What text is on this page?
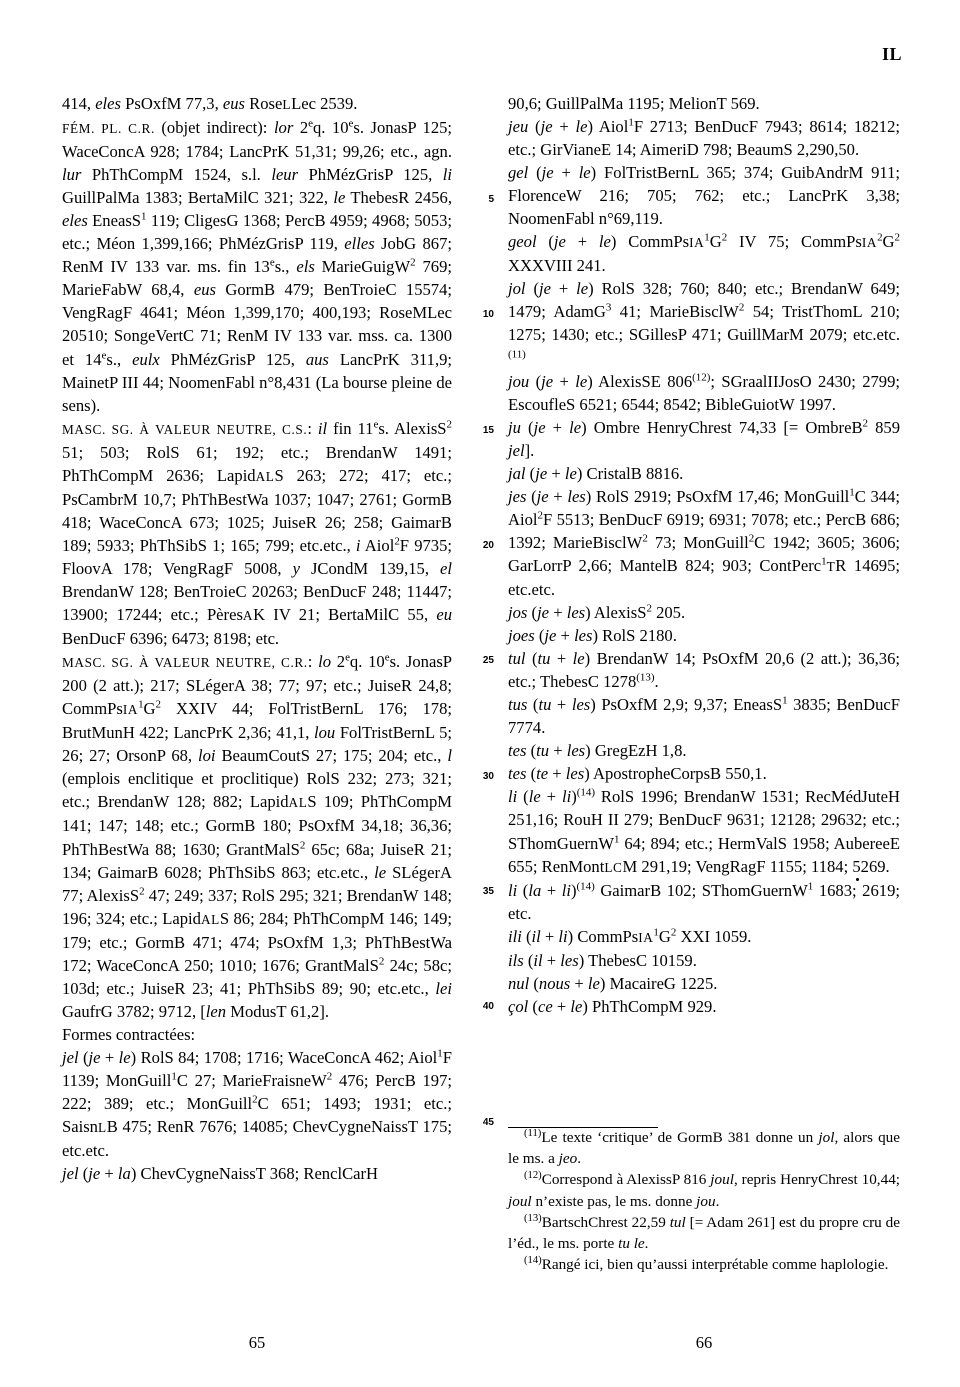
IL
414, eles PsOxfM 77,3, eus RoseLLec 2539.
FÉM. PL. C.R. (objet indirect): lor 2eq. 10es. JonasP 125; WaceConcA 928; 1784; LancPrK 51,31; 99,26; etc., agn. lur PhThCompM 1524, s.l. leur PhMézGrisP 125, li GuillPalMa 1383; BertaMilC 321; 322, le ThebesR 2456, eles EneasS$^1$ 119; CligesG 1368; PercB 4959; 4968; 5053; etc.; Méon 1,399,166; PhMézGrisP 119, elles JobG 867; RenM IV 133 var. ms. fin 13es., els MarieGuigW$^2$ 769; MarieFabW 68,4, eus GormB 479; BenTroieC 15574; VengRagF 4641; Méon 1,399,170; 400,193; RoseMLec 20510; SongeVertC 71; RenM IV 133 var. mss. ca. 1300 et 14es., eulx PhMézGrisP 125, aus LancPrK 311,9; MainetP III 44; NoomenFabl n°8,431 (La bourse pleine de sens).
MASC. SG. À VALEUR NEUTRE, C.S.: il fin 11es. AlexisS$^2$ 51; 503; RolS 61; 192; etc.; BrendanW 1491; PhThCompM 2636; LapidALS 263; 272; 417; etc.; PsCambrM 10,7; PhThBestWa 1037; 1047; 2761; GormB 418; WaceConcA 673; 1025; JuiseR 26; 258; GaimarB 189; 5933; PhThSibS 1; 165; 799; etc.etc., i Aiol$^2$F 9735; FloovA 178; VengRagF 5008, y JCondM 139,15, el BrendanW 128; BenTroieC 20263; BenDucF 248; 11447; 13900; 17244; etc.; PèresAK IV 21; BertaMilC 55, eu BenDucF 6396; 6473; 8198; etc.
MASC. SG. À VALEUR NEUTRE, C.R.: lo 2eq. 10es. JonasP 200 (2 att.); 217; SLégerA 38; 77; 97; etc.; JuiseR 24,8; $CommPsIA^1G^2$ XXIV 44; FolTristBernL 176; 178; BrutMunH 422; LancPrK 2,36; 41,1, lou FolTristBernL 5; 26; 27; OrsonP 68, loi BeaumCoutS 27; 175; 204; etc., l (emplois enclitique et proclitique) RolS 232; 273; 321; etc.; BrendanW 128; 882; LapidALS 109; PhThCompM 141; 147; 148; etc.; GormB 180; PsOxfM 34,18; 36,36; PhThBestWa 88; 1630; GrantMalS$^2$ 65c; 68a; JuiseR 21; 134; GaimarB 6028; PhThSibS 863; etc.etc., le SLégerA 77; AlexisS$^2$ 47; 249; 337; RolS 295; 321; BrendanW 148; 196; 324; etc.; LapidALS 86; 284; PhThCompM 146; 149; 179; etc.; GormB 471; 474; PsOxfM 1,3; PhThBestWa 172; WaceConcA 250; 1010; 1676; GrantMalS$^2$ 24c; 58c; 103d; etc.; JuiseR 23; 41; PhThSibS 89; 90; etc.etc., lei GaufrG 3782; 9712, [len ModusT 61,2].
Formes contractées:
jel (je + le) RolS 84; 1708; 1716; WaceConcA 462; Aiol$^1$F 1139; MonGuill$^1$C 27; MarieFraisneW$^2$ 476; PercB 197; 222; 389; etc.; MonGuill$^2$C 651; 1493; 1931; etc.; SaisnLB 475; RenR 7676; 14085; ChevCygneNaissT 175; etc.etc.
jel (je + la) ChevCygneNaissT 368; RenclCarH
5
10
15
20
25
30
35
40
45
90,6; GuillPalMa 1195; MelionT 569.
jeu (je + le) Aiol$^1$F 2713; BenDucF 7943; 8614; 18212; etc.; GirVianeE 14; AimeriD 798; BeaumS 2,290,50.
gel (je + le) FolTristBernL 365; 374; GuibAndrM 911; FlorenceW 216; 705; 762; etc.; LancPrK 3,38; NoomenFabl n°69,119.
geol (je + le) $CommPsIA^1G^2$ IV 75; $CommPsIA^2G^2$ XXXVIII 241.
jol (je + le) RolS 328; 760; 840; etc.; BrendanW 649; 1479; AdamG$^3$ 41; MarieBisclW$^2$ 54; TristThomL 210; 1275; 1430; etc.; SGillesP 471; GuillMarM 2079; etc.etc.$^{(11)}$
jou (je + le) AlexisSE 806$^{(12)}$; SGraalIIJosO 2430; 2799; EscoufleS 6521; 6544; 8542; BibleGuiotW 1997.
ju (je + le) Ombre HenryChrest 74,33 [= OmbreB$^2$ 859 jel].
jal (je + le) CristalB 8816.
jes (je + les) RolS 2919; PsOxfM 17,46; MonGuill$^1$C 344; Aiol$^2$F 5513; BenDucF 6919; 6931; 7078; etc.; PercB 686; 1392; MarieBisclW$^2$ 73; MonGuill$^2$C 1942; 3605; 3606; GarLorrP 2,66; MantelB 824; 903; ContPerc$^1$TR 14695; etc.etc.
jos (je + les) AlexisS$^2$ 205.
joes (je + les) RolS 2180.
tul (tu + le) BrendanW 14; PsOxfM 20,6 (2 att.); 36,36; etc.; ThebesC 1278$^{(13)}$.
tus (tu + les) PsOxfM 2,9; 9,37; EneasS$^1$ 3835; BenDucF 7774.
tes (tu + les) GregEzH 1,8.
tes (te + les) ApostropheCorpsB 550,1.
li (le + li)$^{(14)}$ RolS 1996; BrendanW 1531; RecMédJuteH 251,16; RouH II 279; BenDucF 9631; 12128; 29632; etc.; SThomGuernW$^1$ 64; 894; etc.; HermValS 1958; AubereeE 655; RenMontLCM 291,19; VengRagF 1155; 1184; 5269.
li (la + li)$^{(14)}$ GaimarB 102; SThomGuernW$^1$ 1683; 2619; etc.
ili (il + li) $CommPsIA^1G^2$ XXI 1059.
ils (il + les) ThebesC 10159.
nul (nous + le) MacaireG 1225.
çol (ce + le) PhThCompM 929.
$^{(11)}$Le texte ‘critique’ de GormB 381 donne un jol, alors que le ms. a jeo.
$^{(12)}$Correspond à AlexissP 816 joul, repris HenryChrest 10,44; joul n’existe pas, le ms. donne jou.
$^{(13)}$BartschChrest 22,59 tul [= Adam 261] est du propre cru de l’éd., le ms. porte tu le.
$^{(14)}$Rangé ici, bien qu’aussi interprétable comme haplologie.
65	66
